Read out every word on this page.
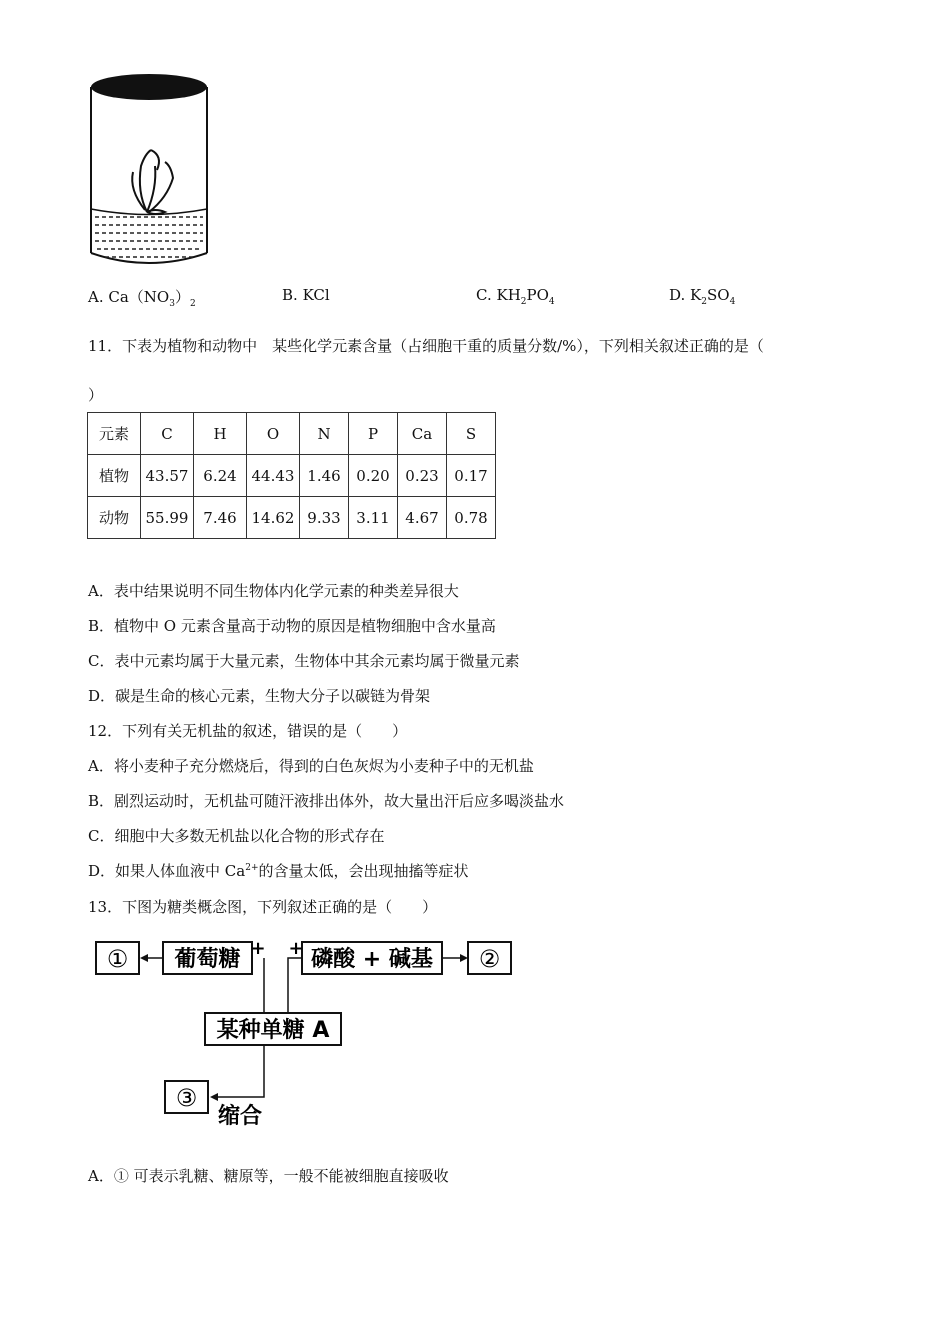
A. $Ca(NO_3)_2$	B. KCl	C. $KH_2PO_4$	D. $K_2SO_4$
11．下表为植物和动物中　某些化学元素含量（占细胞干重的质量分数/%），下列相关叙述正确的是（
）
元素	C	H	O	N	P	Ca	S
植物	43.57	6.24	44.43	1.46	0.20	0.23	0.17
动物	55.99	7.46	14.62	9.33	3.11	4.67	0.78
A．表中结果说明不同生物体内化学元素的种类差异很大
B．植物中 O 元素含量高于动物的原因是植物细胞中含水量高
C．表中元素均属于大量元素，生物体中其余元素均属于微量元素
D．碳是生命的核心元素，生物大分子以碳链为骨架
12．下列有关无机盐的叙述，错误的是（　　）
A．将小麦种子充分燃烧后，得到的白色灰烬为小麦种子中的无机盐
B．剧烈运动时，无机盐可随汗液排出体外，故大量出汗后应多喝淡盐水
C．细胞中大多数无机盐以化合物的形式存在
D．如果人体血液中 $Ca^{2+}$的含量太低，会出现抽搐等症状
13．下图为糖类概念图，下列叙述正确的是（　　）
① 葡萄糖 + 磷酸 + 碱基
+	②
某种单糖 A
③
缩合
A．① 可表示乳糖、糖原等，一般不能被细胞直接吸收
